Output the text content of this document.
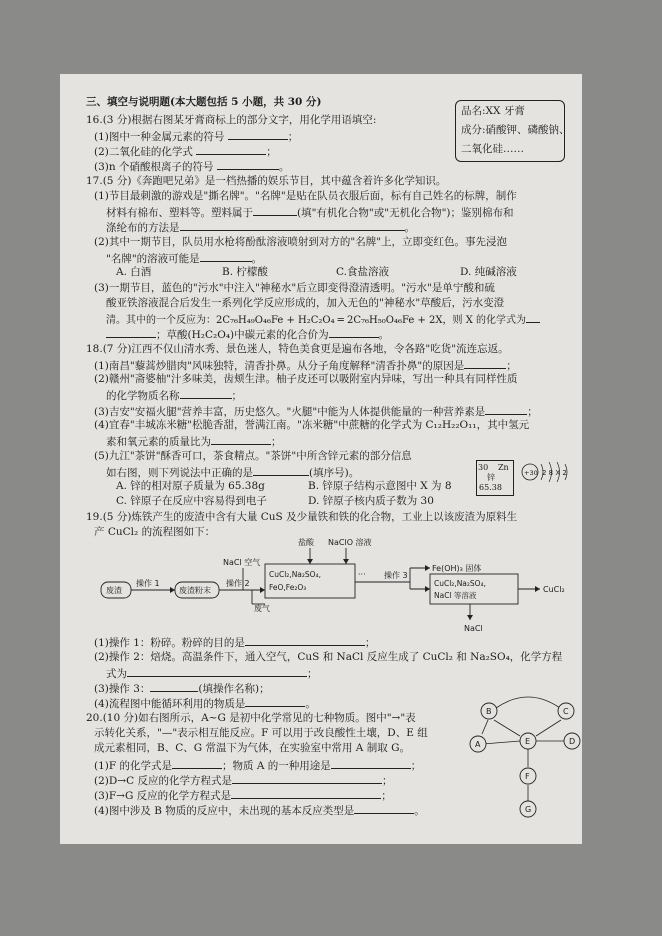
三、填空与说明题(本大题包括 5 小题，共 30 分)
品名:XX 牙膏
成分:硝酸钾、磷酸钠、
二氧化硅……
16.(3 分)根据右图某牙膏商标上的部分文字，用化学用语填空:
(1)图中一种金属元素的符号	；
(2)二氧化硅的化学式	；
(3)n 个硝酸根离子的符号	。
17.(5 分)《奔跑吧兄弟》是一档热播的娱乐节目，其中蕴含着许多化学知识。
(1)节目最刺激的游戏是"撕名牌"。"名牌"是贴在队员衣服后面，标有自己姓名的标牌，制作
材料有棉布、塑料等。塑料属于	(填"有机化合物"或"无机化合物")；鉴别棉布和
涤纶布的方法是	。
(2)其中一期节目，队员用水枪将酚酞溶液喷射到对方的"名牌"上，立即变红色。事先浸泡
"名牌"的溶液可能是	。
A. 白酒	B. 柠檬酸	C.食盐溶液	D. 纯碱溶液
(3)一期节目，蓝色的"污水"中注入"神秘水"后立即变得澄清透明。"污水"是单宁酸和硫
酸亚铁溶液混合后发生一系列化学反应形成的，加入无色的"神秘水"草酸后，污水变澄
清。其中的一个反应为：2C₇₆H₄₉O₄₆Fe + H₂C₂O₄ ═ 2C₇₆H₅₀O₄₆Fe + 2X，则 X 的化学式为
；草酸(H₂C₂O₄)中碳元素的化合价为	。
18.(7 分)江西不仅山清水秀、景色迷人，特色美食更是遍布各地，令各路"吃货"流连忘返。
(1)南昌"藜蒿炒腊肉"风味独特，清香扑鼻。从分子角度解释"清香扑鼻"的原因是	；
(2)赣州"斋婆柚"汁多味美，齿颊生津。柚子皮还可以吸附室内异味，写出一种具有同样性质
的化学物质名称	；
(3)吉安"安福火腿"营养丰富，历史悠久。"火腿"中能为人体提供能量的一种营养素是	；
(4)宜春"丰城冻米糖"松脆香甜，誉满江南。"冻米糖"中蔗糖的化学式为 C₁₂H₂₂O₁₁，其中氢元
素和氧元素的质量比为	；
(5)九江"茶饼"酥香可口，茶食精点。"茶饼"中所含锌元素的部分信息
如右图，则下列说法中正确的是	(填序号)。
A. 锌的相对原子质量为 65.38g	B. 锌原子结构示意图中 X 为 8
C. 锌原子在反应中容易得到电子	D. 锌原子核内质子数为 30
30 Zn
锌
65.38
+30 2 8 X 2
19.(5 分)炼铁产生的废渣中含有大量 CuS 及少量铁和铁的化合物，工业上以该废渣为原料生
产 CuCl₂ 的流程图如下：
废渣
操作 1
废渣粉末
NaCl 空气
操作 2
CuCl₂,Na₂SO₄,
FeO,Fe₂O₃
废气
盐酸 NaClO 溶液
··· 操作 3
Fe(OH)₃ 固体
CuCl₂,Na₂SO₄,
NaCl 等溶液
NaCl
CuCl₂
(1)操作 1：粉碎。粉碎的目的是	；
(2)操作 2：焙烧。高温条件下，通入空气，CuS 和 NaCl 反应生成了 CuCl₂ 和 Na₂SO₄，化学方程
式为	；
(3)操作 3：	(填操作名称)；
(4)流程图中能循环利用的物质是	。
20.(10 分)如右图所示，A~G 是初中化学常见的七种物质。图中"→"表
示转化关系，"—"表示相互能反应。F 可以用于改良酸性土壤，D、E 组
成元素相同，B、C、G 常温下为气体，在实验室中常用 A 制取 G。
(1)F 的化学式是	；物质 A 的一种用途是	；
(2)D→C 反应的化学方程式是	；
(3)F→G 反应的化学方程式是	；
(4)图中涉及 B 物质的反应中，未出现的基本反应类型是	。
B	C
A	E	D
F
G
